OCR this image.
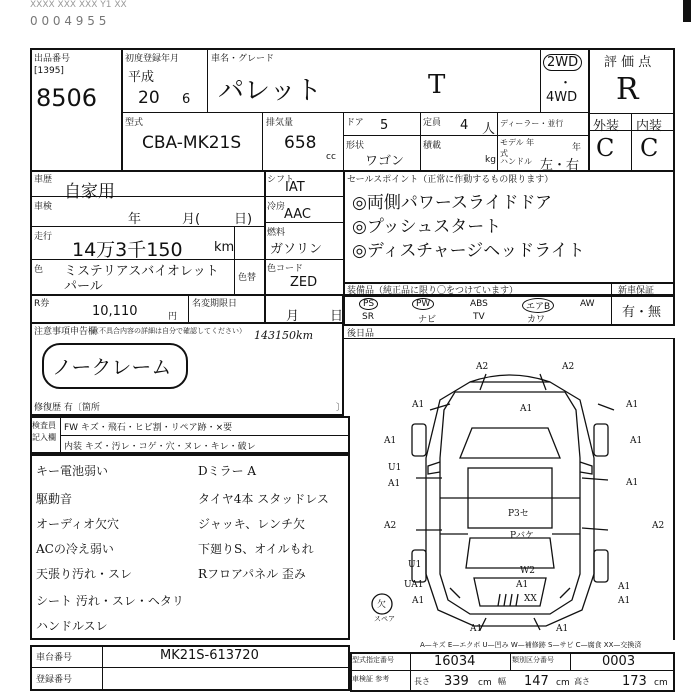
XXXX XXX XXX Y1 XX
0 0 0 4 9 5 5
出品番号
[1395]
8506
初度登録年月
平成
20 6
車名・グレード
パレット	T
2WD
・
4WD
評 価 点
R
型式
CBA-MK21S
排気量
658
cc
ドア 5	定員 4 人 ディーラー・並行
形状
ワゴン
積載
kg
モデル 年式
年
ハンドル 左・右
外装 内装
C C
車歴
自家用
車検
年	月(	日)
走行
14万3千150 km
色 ミステリアスバイオレット パール
色替
シフト
IAT
冷房
AAC
燃料
ガソリン
色コード
ZED
セールスポイント（正常に作動するもの限ります）
◎両側パワースライドドア
◎プッシュスタート
◎ディスチャージヘッドライト
R券	10,110	円
名変期限日
月 日
装備品（純正品に限り〇をつけています）	新車保証
PS	PW	ABS	エアB	AW
SR	ナビ	TV	カワ	有・無
注意事項申告欄
（不具合内容の詳細は自分で確認してください） 143150km
ノークレーム
修復歴 有〔箇所	〕
後日品
検査員 記入欄
FW キズ・飛石・ヒビ割・リペア跡・×要
内装 キズ・汚レ・コゲ・穴・ヌレ・キレ・破レ
キー電池弱い
駆動音
オーディオ欠穴
ACの冷え弱い
天張り汚れ・スレ
シート 汚れ・スレ・ヘタリ
ハンドルスレ
Dミラー A
タイヤ4本 スタッドレス
ジャッキ、レンチ欠
下廻りS、オイルもれ
Rフロアパネル 歪み
A2	A2
A1	A1	A1
A1	A1
U1
A1	A1
A2	A2
P3セ
Pバケ
W2
U1
A1	A1
A1
A1
A1
UA1
XX
A1
欠
スペア
A—キズ E—エクボ U—凹み W—補修跡 S—サビ C—腐食 XX—交換済
車台番号	MK21S-613720
登録番号
型式指定番号	16034	類別区分番号	0003
車検証 参考	長さ 339 cm 幅 147 cm 高さ 173 cm
